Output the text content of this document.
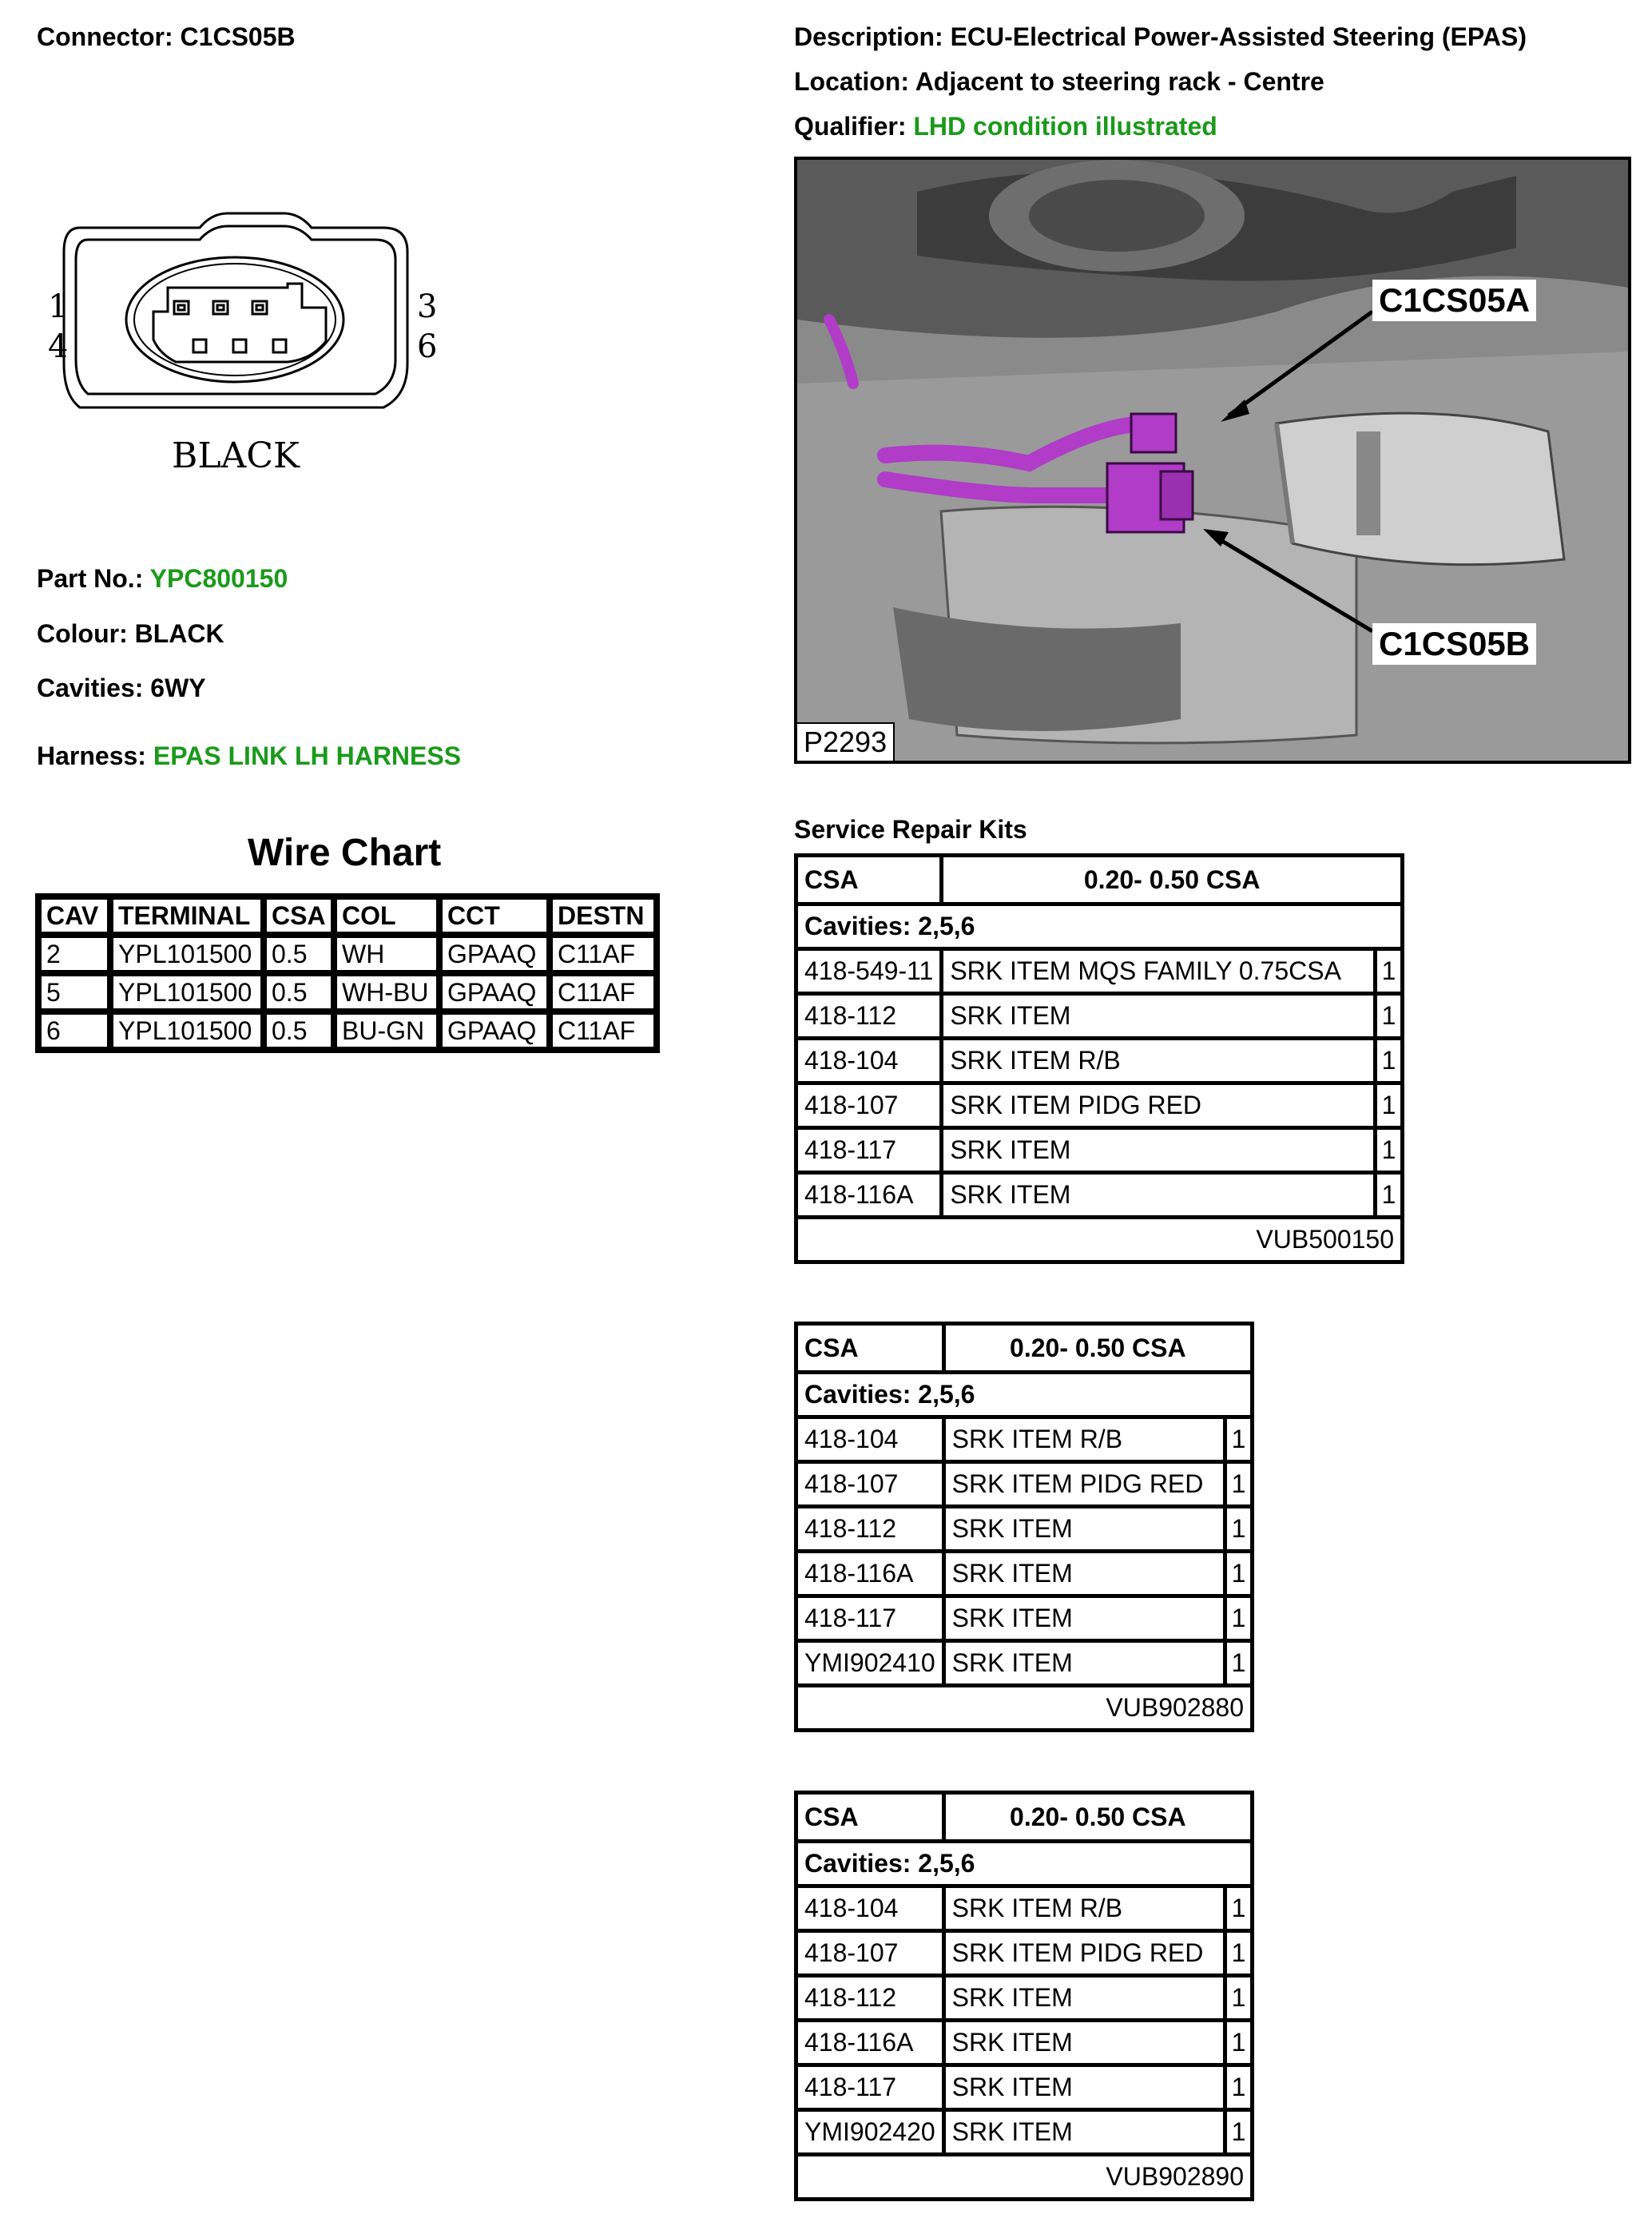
Connector: C1CS05B	Description: ECU-Electrical Power-Assisted Steering (EPAS)
Location: Adjacent to steering rack - Centre
Qualifier: LHD condition illustrated
1
4
3
6
BLACK
Part No.: YPC800150
Colour: BLACK
Cavities: 6WY
Harness: EPAS LINK LH HARNESS
C1CS05A
C1CS05B
P2293
Wire Chart
CAV	TERMINAL	CSA	COL	CCT	DESTN
2	YPL101500	0.5	WH	GPAAQ	C11AF
5	YPL101500	0.5	WH-BU	GPAAQ	C11AF
6	YPL101500	0.5	BU-GN	GPAAQ	C11AF
Service Repair Kits
CSA	0.20- 0.50 CSA	
Cavities: 2,5,6		
418-549-11	SRK ITEM MQS FAMILY 0.75CSA	1
418-112	SRK ITEM	1
418-104	SRK ITEM R/B	1
418-107	SRK ITEM PIDG RED	1
418-117	SRK ITEM	1
418-116A	SRK ITEM	1
VUB500150		
CSA	0.20- 0.50 CSA	
Cavities: 2,5,6		
418-104	SRK ITEM R/B	1
418-107	SRK ITEM PIDG RED	1
418-112	SRK ITEM	1
418-116A	SRK ITEM	1
418-117	SRK ITEM	1
YMI902410	SRK ITEM	1
VUB902880		
CSA	0.20- 0.50 CSA	
Cavities: 2,5,6		
418-104	SRK ITEM R/B	1
418-107	SRK ITEM PIDG RED	1
418-112	SRK ITEM	1
418-116A	SRK ITEM	1
418-117	SRK ITEM	1
YMI902420	SRK ITEM	1
VUB902890		
